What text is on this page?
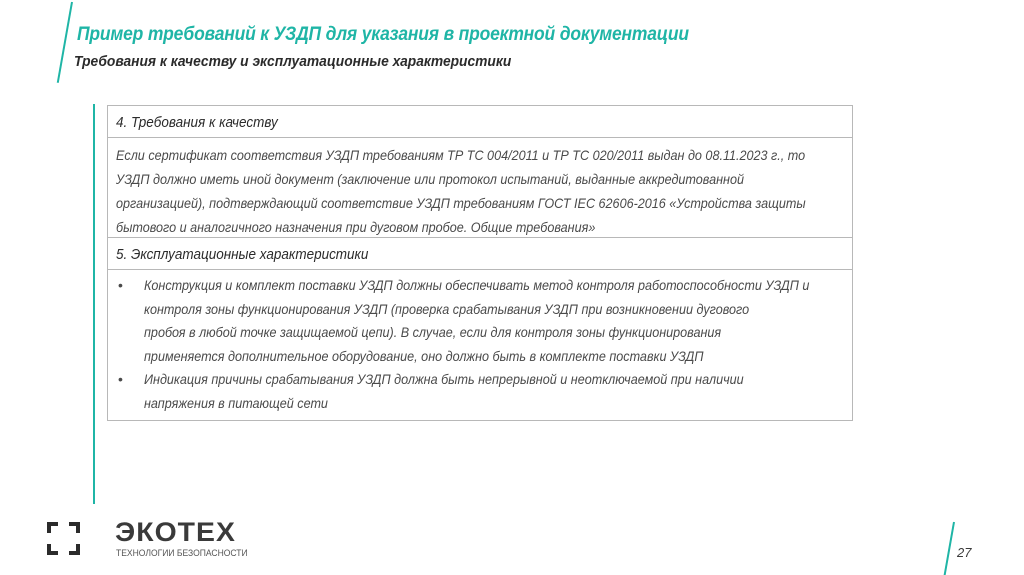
Пример требований к УЗДП для указания в проектной документации
Требования к качеству и эксплуатационные характеристики
4. Требования к качеству
Если сертификат соответствия УЗДП требованиям ТР ТС 004/2011 и ТР ТС 020/2011 выдан до 08.11.2023 г., то
УЗДП должно иметь иной документ (заключение или протокол испытаний, выданные аккредитованной
организацией), подтверждающий соответствие УЗДП требованиям ГОСТ IEC 62606-2016 «Устройства защиты
бытового и аналогичного назначения при дуговом пробое. Общие требования»
5. Эксплуатационные характеристики
• Конструкция и комплект поставки УЗДП должны обеспечивать метод контроля работоспособности УЗДП и
контроля зоны функционирования УЗДП (проверка срабатывания УЗДП при возникновении дугового
пробоя в любой точке защищаемой цепи). В случае, если для контроля зоны функционирования
применяется дополнительное оборудование, оно должно быть в комплекте поставки УЗДП
• Индикация причины срабатывания УЗДП должна быть непрерывной и неотключаемой при наличии
напряжения в питающей сети
ЭКОТЕХ
ТЕХНОЛОГИИ БЕЗОПАСНОСТИ	27
